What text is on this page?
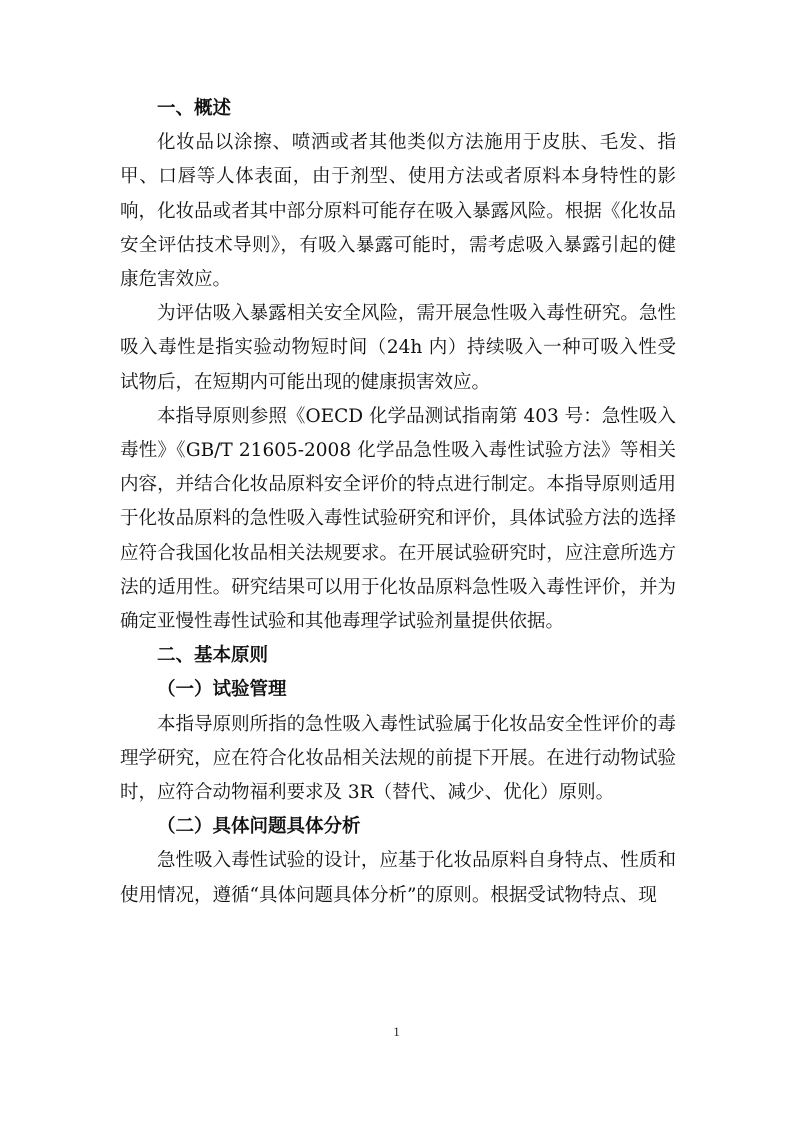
一、概述

化妆品以涂擦、喷洒或者其他类似方法施用于皮肤、毛发、指甲、口唇等人体表面，由于剂型、使用方法或者原料本身特性的影响，化妆品或者其中部分原料可能存在吸入暴露风险。根据《化妆品安全评估技术导则》，有吸入暴露可能时，需考虑吸入暴露引起的健康危害效应。

为评估吸入暴露相关安全风险，需开展急性吸入毒性研究。急性吸入毒性是指实验动物短时间（24h 内）持续吸入一种可吸入性受试物后，在短期内可能出现的健康损害效应。

本指导原则参照《OECD 化学品测试指南第 403 号：急性吸入毒性》《GB/T 21605-2008 化学品急性吸入毒性试验方法》等相关内容，并结合化妆品原料安全评价的特点进行制定。本指导原则适用于化妆品原料的急性吸入毒性试验研究和评价，具体试验方法的选择应符合我国化妆品相关法规要求。在开展试验研究时，应注意所选方法的适用性。研究结果可以用于化妆品原料急性吸入毒性评价，并为确定亚慢性毒性试验和其他毒理学试验剂量提供依据。

二、基本原则

（一）试验管理

本指导原则所指的急性吸入毒性试验属于化妆品安全性评价的毒理学研究，应在符合化妆品相关法规的前提下开展。在进行动物试验时，应符合动物福利要求及 3R（替代、减少、优化）原则。

（二）具体问题具体分析

急性吸入毒性试验的设计，应基于化妆品原料自身特点、性质和使用情况，遵循“具体问题具体分析”的原则。根据受试物特点、现

1
